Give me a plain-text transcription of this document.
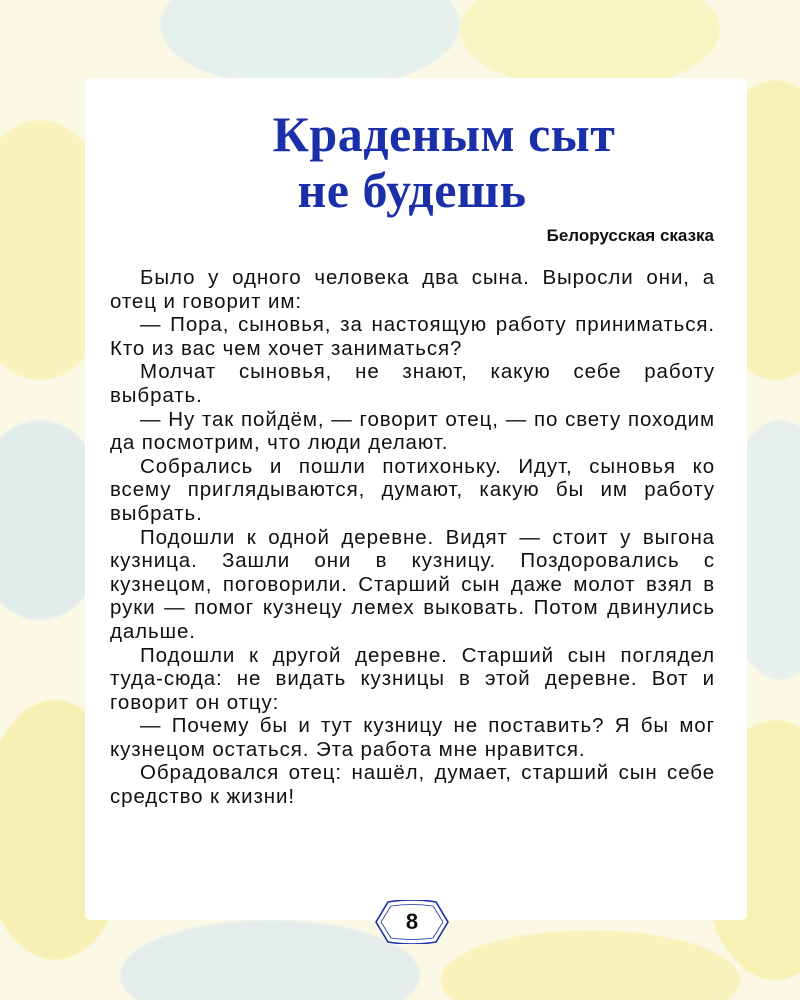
Краденым сыт
не будешь
Белорусская сказка

Было у одного человека два сына. Выросли они, а отец и говорит им:

— Пора, сыновья, за настоящую работу приниматься. Кто из вас чем хочет заниматься?

Молчат сыновья, не знают, какую себе работу выбрать.

— Ну так пойдём, — говорит отец, — по свету походим да посмотрим, что люди делают.

Собрались и пошли потихоньку. Идут, сыновья ко всему приглядываются, думают, какую бы им работу выбрать.

Подошли к одной деревне. Видят — стоит у выгона кузница. Зашли они в кузницу. Поздоровались с кузнецом, поговорили. Старший сын даже молот взял в руки — помог кузнецу лемех выковать. Потом двинулись дальше.

Подошли к другой деревне. Старший сын поглядел туда-сюда: не видать кузницы в этой деревне. Вот и говорит он отцу:

— Почему бы и тут кузницу не поставить? Я бы мог кузнецом остаться. Эта работа мне нравится.

Обрадовался отец: нашёл, думает, старший сын себе средство к жизни!

8
